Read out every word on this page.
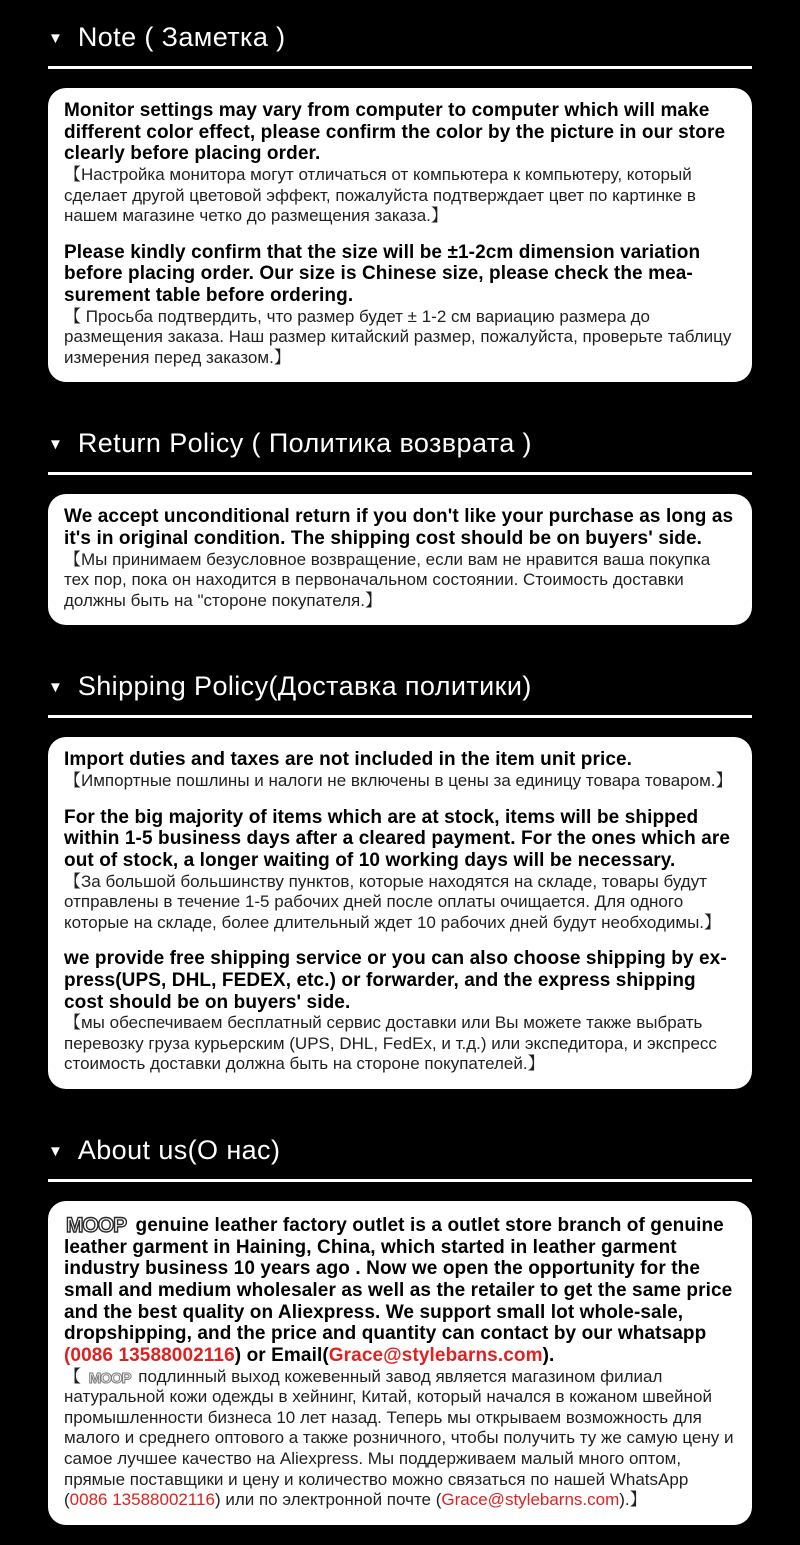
▼ Note ( Заметка )

Monitor settings may vary from computer to computer which will make different color effect, please confirm the color by the picture in our store clearly before placing order.

【Настройка монитора могут отличаться от компьютера к компьютеру, который сделает другой цветовой эффект, пожалуйста подтверждает цвет по картинке в нашем магазине четко до размещения заказа.】

Please kindly confirm that the size will be ±1-2cm dimension variation before placing order. Our size is Chinese size, please check the mea-surement table before ordering.

【 Просьба подтвердить, что размер будет ± 1-2 см вариацию размера до размещения заказа. Наш размер китайский размер, пожалуйста, проверьте таблицу измерения перед заказом.】

▼ Return Policy ( Политика возврата )

We accept unconditional return if you don't like your purchase as long as it's in original condition. The shipping cost should be on buyers' side.

【Мы принимаем безусловное возвращение, если вам не нравится ваша покупка тех пор, пока он находится в первоначальном состоянии. Стоимость доставки должны быть на "стороне покупателя.】

▼ Shipping Policy(Доставка политики)

Import duties and taxes are not included in the item unit price.

【Импортные пошлины и налоги не включены в цены за единицу товара товаром.】

For the big majority of items which are at stock, items will be shipped within 1-5 business days after a cleared payment. For the ones which are out of stock, a longer waiting of 10 working days will be necessary.

【За большой большинству пунктов, которые находятся на складе, товары будут отправлены в течение 1-5 рабочих дней после оплаты очищается. Для одного которые на складе, более длительный ждет 10 рабочих дней будут необходимы.】

we provide free shipping service or you can also choose shipping by ex-press(UPS, DHL, FEDEX, etc.) or forwarder, and the express shipping cost should be on buyers' side.

【мы обеспечиваем бесплатный сервис доставки или Вы можете также выбрать перевозку груза курьерским (UPS, DHL, FedEx, и т.д.) или экспедитора, и экспресс стоимость доставки должна быть на стороне покупателей.】

▼ About us(О нас)

MOOP genuine leather factory outlet is a outlet store branch of genuine leather garment in Haining, China, which started in leather garment industry business 10 years ago . Now we open the opportunity for the small and medium wholesaler as well as the retailer to get the same price and the best quality on Aliexpress. We support small lot whole-sale, dropshipping, and the price and quantity can contact by our whatsapp (0086 13588002116) or Email(Grace@stylebarns.com).

【 MOOP подлинный выход кожевенный завод является магазином филиал натуральной кожи одежды в хейнинг, Китай, который начался в кожаном швейной промышленности бизнеса 10 лет назад. Теперь мы открываем возможность для малого и среднего оптового а также розничного, чтобы получить ту же самую цену и самое лучшее качество на Aliexpress. Мы поддерживаем малый много оптом, прямые поставщики и цену и количество можно связаться по нашей WhatsApp (0086 13588002116) или по электронной почте (Grace@stylebarns.com).】
